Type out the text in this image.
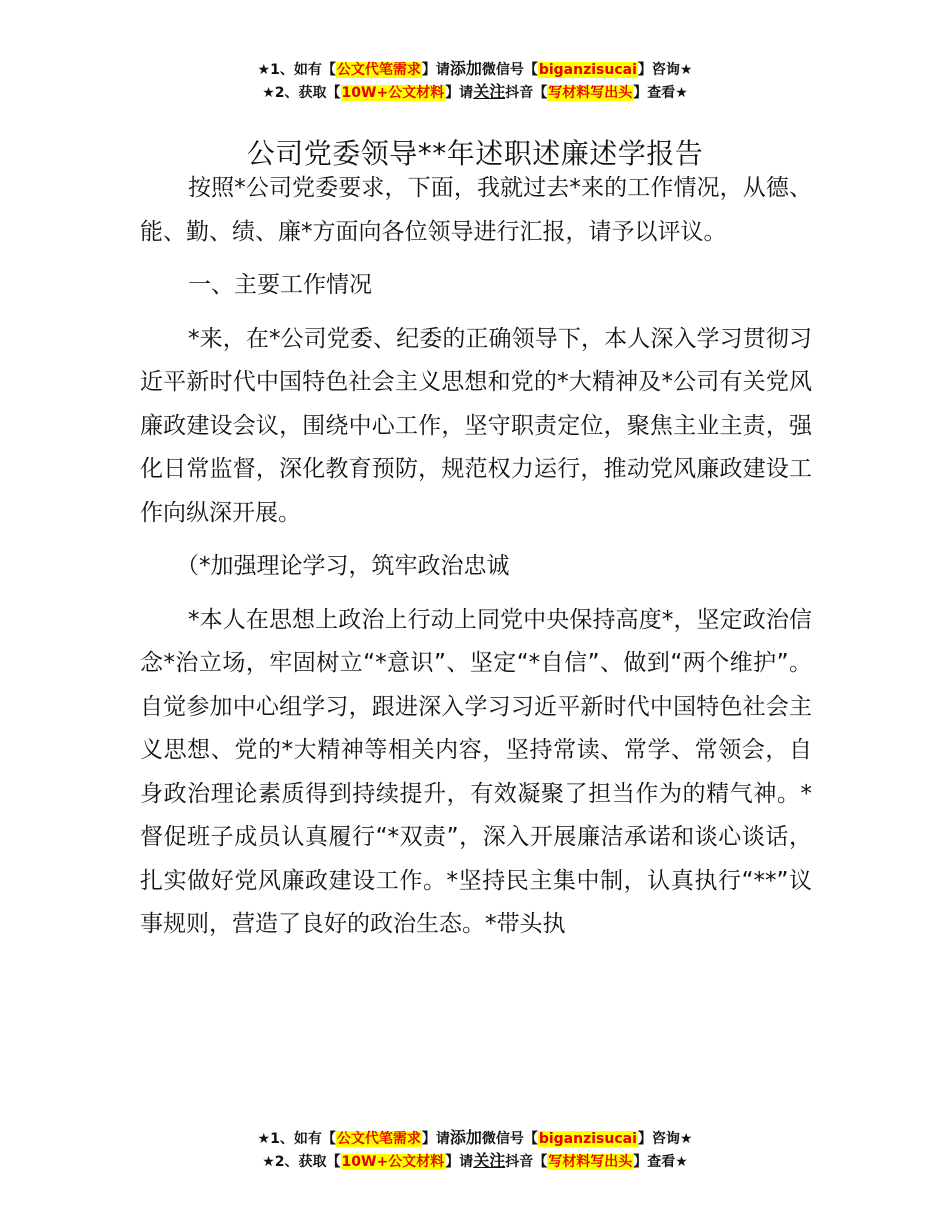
★1、如有【公文代笔需求】请添加微信号【biganzisucai】咨询★
★2、获取【10W+公文材料】请关注抖音【写材料写出头】查看★
公司党委领导**年述职述廉述学报告

按照*公司党委要求，下面，我就过去*来的工作情况，从德、能、勤、绩、廉*方面向各位领导进行汇报，请予以评议。

一、主要工作情况

*来，在*公司党委、纪委的正确领导下，本人深入学习贯彻习近平新时代中国特色社会主义思想和党的*大精神及*公司有关党风廉政建设会议，围绕中心工作，坚守职责定位，聚焦主业主责，强化日常监督，深化教育预防，规范权力运行，推动党风廉政建设工作向纵深开展。

（*加强理论学习，筑牢政治忠诚

*本人在思想上政治上行动上同党中央保持高度*，坚定政治信念*治立场，牢固树立“*意识”、坚定“*自信”、做到“两个维护”。自觉参加中心组学习，跟进深入学习习近平新时代中国特色社会主义思想、党的*大精神等相关内容，坚持常读、常学、常领会，自身政治理论素质得到持续提升，有效凝聚了担当作为的精气神。*督促班子成员认真履行“*双责”，深入开展廉洁承诺和谈心谈话，扎实做好党风廉政建设工作。*坚持民主集中制，认真执行“**”议事规则，营造了良好的政治生态。*带头执

★1、如有【公文代笔需求】请添加微信号【biganzisucai】咨询★
★2、获取【10W+公文材料】请关注抖音【写材料写出头】查看★
